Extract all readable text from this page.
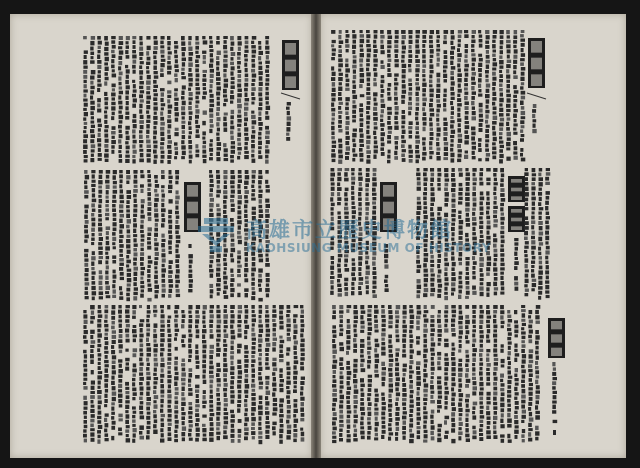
高雄市立歷史博物館
KAOHSIUNG MUSEUM OF HISTORY
